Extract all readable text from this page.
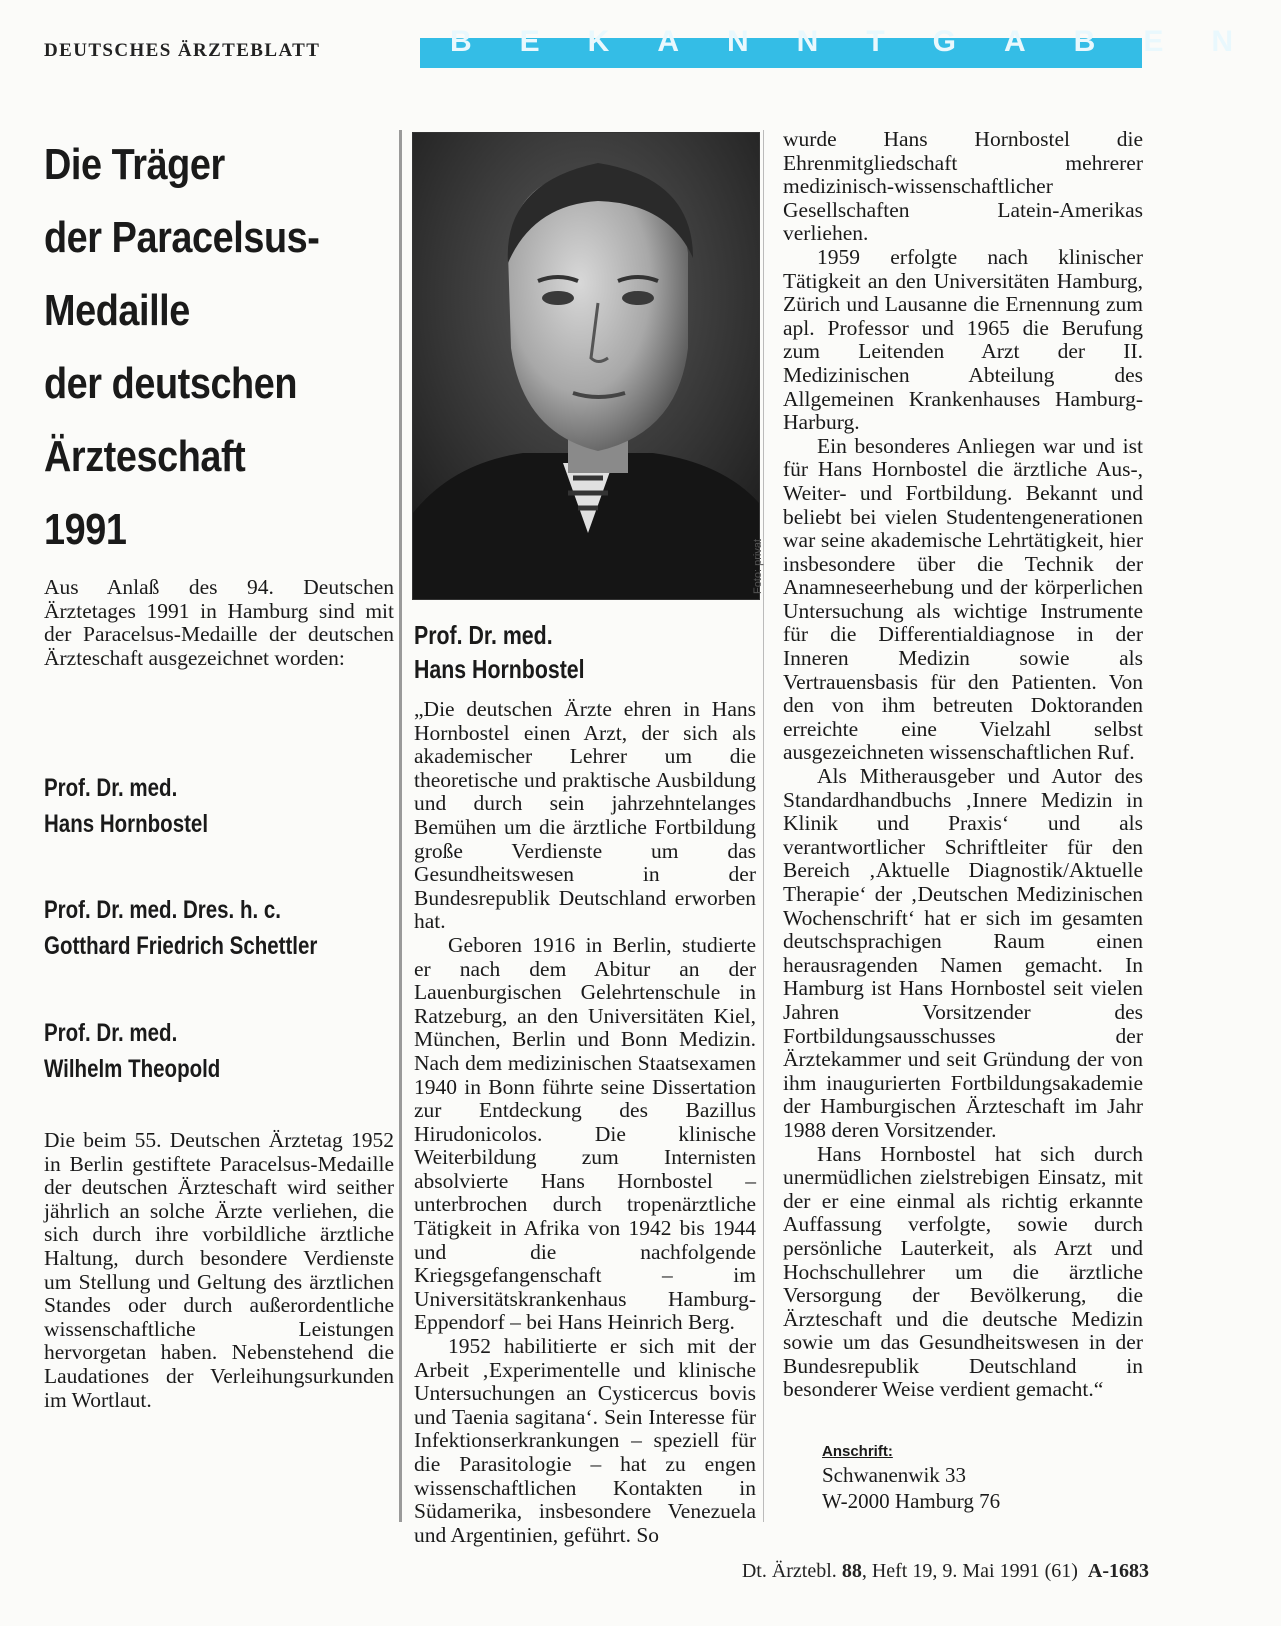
DEUTSCHES ÄRZTEBLATT	BEKANNTGABEN
Die Träger
der Paracelsus-
Medaille
der deutschen
Ärzteschaft
1991

Aus Anlaß des 94. Deutschen Ärztetages 1991 in Hamburg sind mit der Paracelsus-Medaille der deutschen Ärzteschaft ausgezeichnet worden:

Prof. Dr. med.
Hans Hornbostel
Prof. Dr. med. Dres. h. c.
Gotthard Friedrich Schettler
Prof. Dr. med.
Wilhelm Theopold

Die beim 55. Deutschen Ärztetag 1952 in Berlin gestiftete Paracelsus-Medaille der deutschen Ärzteschaft wird seither jährlich an solche Ärzte verliehen, die sich durch ihre vorbildliche ärztliche Haltung, durch besondere Verdienste um Stellung und Geltung des ärztlichen Standes oder durch außerordentliche wissenschaftliche Leistungen hervorgetan haben. Nebenstehend die Laudationes der Verleihungsurkunden im Wortlaut.

Foto: privat
Prof. Dr. med.
Hans Hornbostel

„Die deutschen Ärzte ehren in Hans Hornbostel einen Arzt, der sich als akademischer Lehrer um die theoretische und praktische Ausbildung und durch sein jahrzehntelanges Bemühen um die ärztliche Fortbildung große Verdienste um das Gesundheitswesen in der Bundesrepublik Deutschland erworben hat.

Geboren 1916 in Berlin, studierte er nach dem Abitur an der Lauenburgischen Gelehrtenschule in Ratzeburg, an den Universitäten Kiel, München, Berlin und Bonn Medizin. Nach dem medizinischen Staatsexamen 1940 in Bonn führte seine Dissertation zur Entdeckung des Bazillus Hirudonicolos. Die klinische Weiterbildung zum Internisten absolvierte Hans Hornbostel – unterbrochen durch tropenärztliche Tätigkeit in Afrika von 1942 bis 1944 und die nachfolgende Kriegsgefangenschaft – im Universitätskrankenhaus Hamburg-Eppendorf – bei Hans Heinrich Berg.

1952 habilitierte er sich mit der Arbeit ‚Experimentelle und klinische Untersuchungen an Cysticercus bovis und Taenia sagitana‘. Sein Interesse für Infektionserkrankungen – speziell für die Parasitologie – hat zu engen wissenschaftlichen Kontakten in Südamerika, insbesondere Venezuela und Argentinien, geführt. So

wurde Hans Hornbostel die Ehrenmitgliedschaft mehrerer medizinisch-wissenschaftlicher Gesellschaften Latein-Amerikas verliehen.

1959 erfolgte nach klinischer Tätigkeit an den Universitäten Hamburg, Zürich und Lausanne die Ernennung zum apl. Professor und 1965 die Berufung zum Leitenden Arzt der II. Medizinischen Abteilung des Allgemeinen Krankenhauses Hamburg-Harburg.

Ein besonderes Anliegen war und ist für Hans Hornbostel die ärztliche Aus-, Weiter- und Fortbildung. Bekannt und beliebt bei vielen Studentengenerationen war seine akademische Lehrtätigkeit, hier insbesondere über die Technik der Anamneseerhebung und der körperlichen Untersuchung als wichtige Instrumente für die Differentialdiagnose in der Inneren Medizin sowie als Vertrauensbasis für den Patienten. Von den von ihm betreuten Doktoranden erreichte eine Vielzahl selbst ausgezeichneten wissenschaftlichen Ruf.

Als Mitherausgeber und Autor des Standardhandbuchs ‚Innere Medizin in Klinik und Praxis‘ und als verantwortlicher Schriftleiter für den Bereich ‚Aktuelle Diagnostik/Aktuelle Therapie‘ der ‚Deutschen Medizinischen Wochenschrift‘ hat er sich im gesamten deutschsprachigen Raum einen herausragenden Namen gemacht. In Hamburg ist Hans Hornbostel seit vielen Jahren Vorsitzender des Fortbildungsausschusses der Ärztekammer und seit Gründung der von ihm inaugurierten Fortbildungsakademie der Hamburgischen Ärzteschaft im Jahr 1988 deren Vorsitzender.

Hans Hornbostel hat sich durch unermüdlichen zielstrebigen Einsatz, mit der er eine einmal als richtig erkannte Auffassung verfolgte, sowie durch persönliche Lauterkeit, als Arzt und Hochschullehrer um die ärztliche Versorgung der Bevölkerung, die Ärzteschaft und die deutsche Medizin sowie um das Gesundheitswesen in der Bundesrepublik Deutschland in besonderer Weise verdient gemacht.“

Anschrift:
Schwanenwik 33
W-2000 Hamburg 76
Dt. Ärztebl. 88, Heft 19, 9. Mai 1991 (61) A-1683
